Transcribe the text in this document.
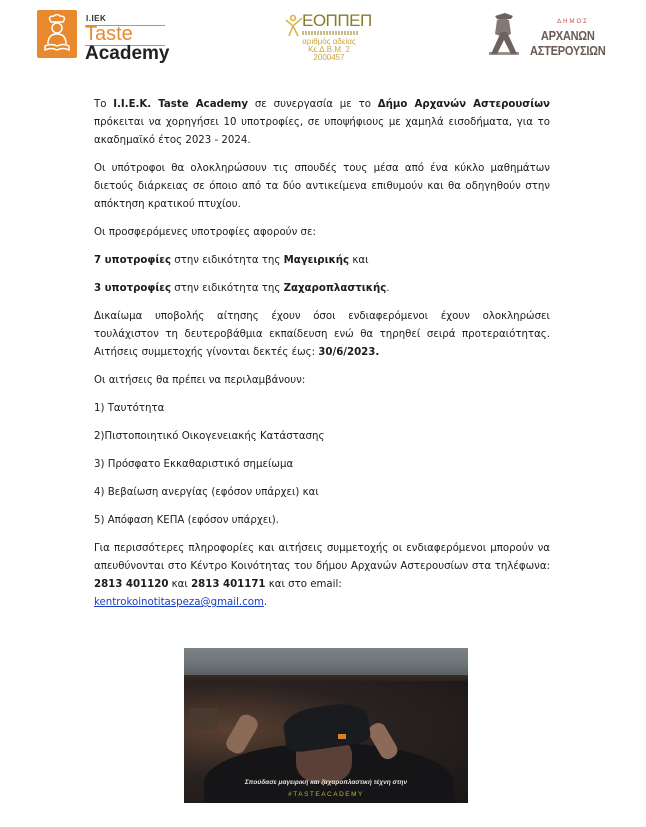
I.IEK
Taste
Academy
ΕΟΠΠΕΠ
αριθμός αδείας
Κε.Δ.Β.Μ. 2
2000457
ΔΗΜΟΣ
ΑΡΧΑΝΩΝ
ΑΣΤΕΡΟΥΣΙΩΝ

Το I.I.E.K. Taste Academy σε συνεργασία με το Δήμο Αρχανών Αστερουσίων πρόκειται να χορηγήσει 10 υποτροφίες, σε υποψήφιους με χαμηλά εισοδήματα, για το ακαδημαϊκό έτος 2023 - 2024.

Οι υπότροφοι θα ολοκληρώσουν τις σπουδές τους μέσα από ένα κύκλο μαθημάτων διετούς διάρκειας σε όποιο από τα δύο αντικείμενα επιθυμούν και θα οδηγηθούν στην απόκτηση κρατικού πτυχίου.

Οι προσφερόμενες υποτροφίες αφορούν σε:

7 υποτροφίες στην ειδικότητα της Μαγειρικής και

3 υποτροφίες στην ειδικότητα της Ζαχαροπλαστικής.

Δικαίωμα υποβολής αίτησης έχουν όσοι ενδιαφερόμενοι έχουν ολοκληρώσει τουλάχιστον τη δευτεροβάθμια εκπαίδευση ενώ θα τηρηθεί σειρά προτεραιότητας. Αιτήσεις συμμετοχής γίνονται δεκτές έως: 30/6/2023.

Οι αιτήσεις θα πρέπει να περιλαμβάνουν:

1) Ταυτότητα

2)Πιστοποιητικό Οικογενειακής Κατάστασης

3) Πρόσφατο Εκκαθαριστικό σημείωμα

4) Βεβαίωση ανεργίας (εφόσον υπάρχει) και

5) Απόφαση ΚΕΠΑ (εφόσον υπάρχει).

Για περισσότερες πληροφορίες και αιτήσεις συμμετοχής οι ενδιαφερόμενοι μπορούν να απευθύνονται στο Κέντρο Κοινότητας του δήμου Αρχανών Αστερουσίων στα τηλέφωνα: 2813 401120 και 2813 401171 και στο email:
kentrokoinotitaspeza@gmail.com.

Σπούδασε μαγειρική και ζαχαροπλαστική τέχνη στην
#TASTEACADEMY
